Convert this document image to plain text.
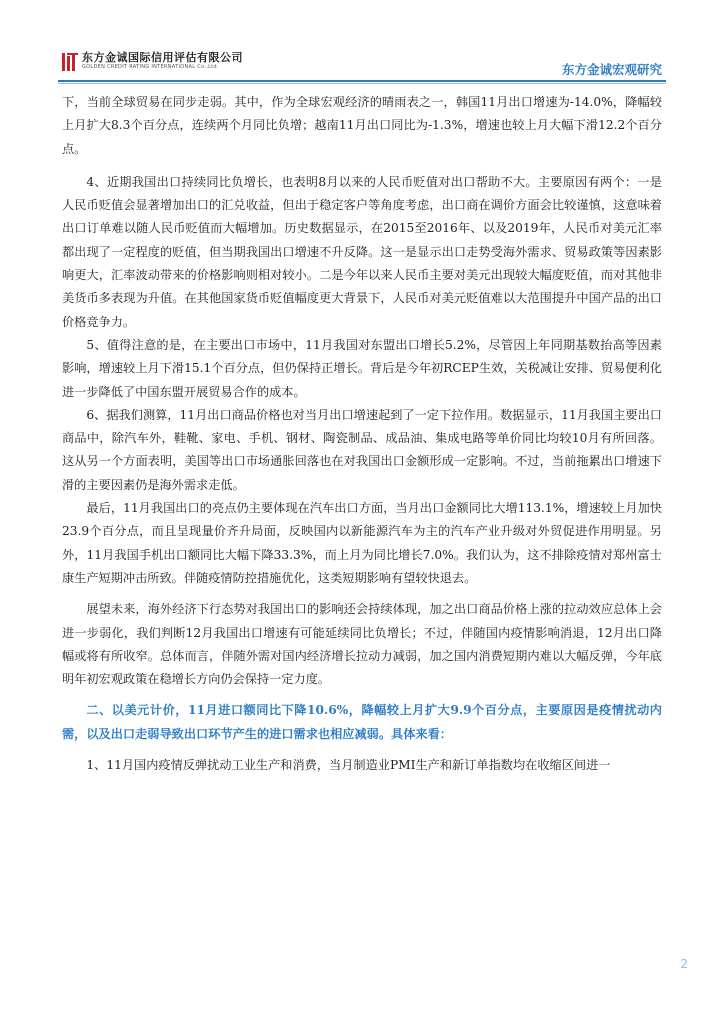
东方金诚国际信用评估有限公司
GOLDEN CREDIT RATING INTERNATIONAL Co.,Ltd.	东方金诚宏观研究

下，当前全球贸易在同步走弱。其中，作为全球宏观经济的晴雨表之一，韩国11月出口增速为-14.0%，降幅较上月扩大8.3个百分点，连续两个月同比负增；越南11月出口同比为-1.3%，增速也较上月大幅下滑12.2个百分点。

4、近期我国出口持续同比负增长，也表明8月以来的人民币贬值对出口帮助不大。主要原因有两个：一是人民币贬值会显著增加出口的汇兑收益，但出于稳定客户等角度考虑，出口商在调价方面会比较谨慎，这意味着出口订单难以随人民币贬值而大幅增加。历史数据显示，在2015至2016年、以及2019年，人民币对美元汇率都出现了一定程度的贬值，但当期我国出口增速不升反降。这一是显示出口走势受海外需求、贸易政策等因素影响更大，汇率波动带来的价格影响则相对较小。二是今年以来人民币主要对美元出现较大幅度贬值，而对其他非美货币多表现为升值。在其他国家货币贬值幅度更大背景下，人民币对美元贬值难以大范围提升中国产品的出口价格竞争力。

5、值得注意的是，在主要出口市场中，11月我国对东盟出口增长5.2%，尽管因上年同期基数抬高等因素影响，增速较上月下滑15.1个百分点，但仍保持正增长。背后是今年初RCEP生效，关税减让安排、贸易便利化进一步降低了中国东盟开展贸易合作的成本。

6、据我们测算，11月出口商品价格也对当月出口增速起到了一定下拉作用。数据显示，11月我国主要出口商品中，除汽车外，鞋靴、家电、手机、钢材、陶瓷制品、成品油、集成电路等单价同比均较10月有所回落。这从另一个方面表明，美国等出口市场通胀回落也在对我国出口金额形成一定影响。不过，当前拖累出口增速下滑的主要因素仍是海外需求走低。

最后，11月我国出口的亮点仍主要体现在汽车出口方面，当月出口金额同比大增113.1%，增速较上月加快23.9个百分点，而且呈现量价齐升局面，反映国内以新能源汽车为主的汽车产业升级对外贸促进作用明显。另外，11月我国手机出口额同比大幅下降33.3%，而上月为同比增长7.0%。我们认为，这不排除疫情对郑州富士康生产短期冲击所致。伴随疫情防控措施优化，这类短期影响有望较快退去。

展望未来，海外经济下行态势对我国出口的影响还会持续体现，加之出口商品价格上涨的拉动效应总体上会进一步弱化，我们判断12月我国出口增速有可能延续同比负增长；不过，伴随国内疫情影响消退，12月出口降幅或将有所收窄。总体而言，伴随外需对国内经济增长拉动力减弱，加之国内消费短期内难以大幅反弹，今年底明年初宏观政策在稳增长方向仍会保持一定力度。

二、以美元计价，11月进口额同比下降10.6%，降幅较上月扩大9.9个百分点，主要原因是疫情扰动内需，以及出口走弱导致出口环节产生的进口需求也相应减弱。具体来看：

1、11月国内疫情反弹扰动工业生产和消费，当月制造业PMI生产和新订单指数均在收缩区间进一

2
